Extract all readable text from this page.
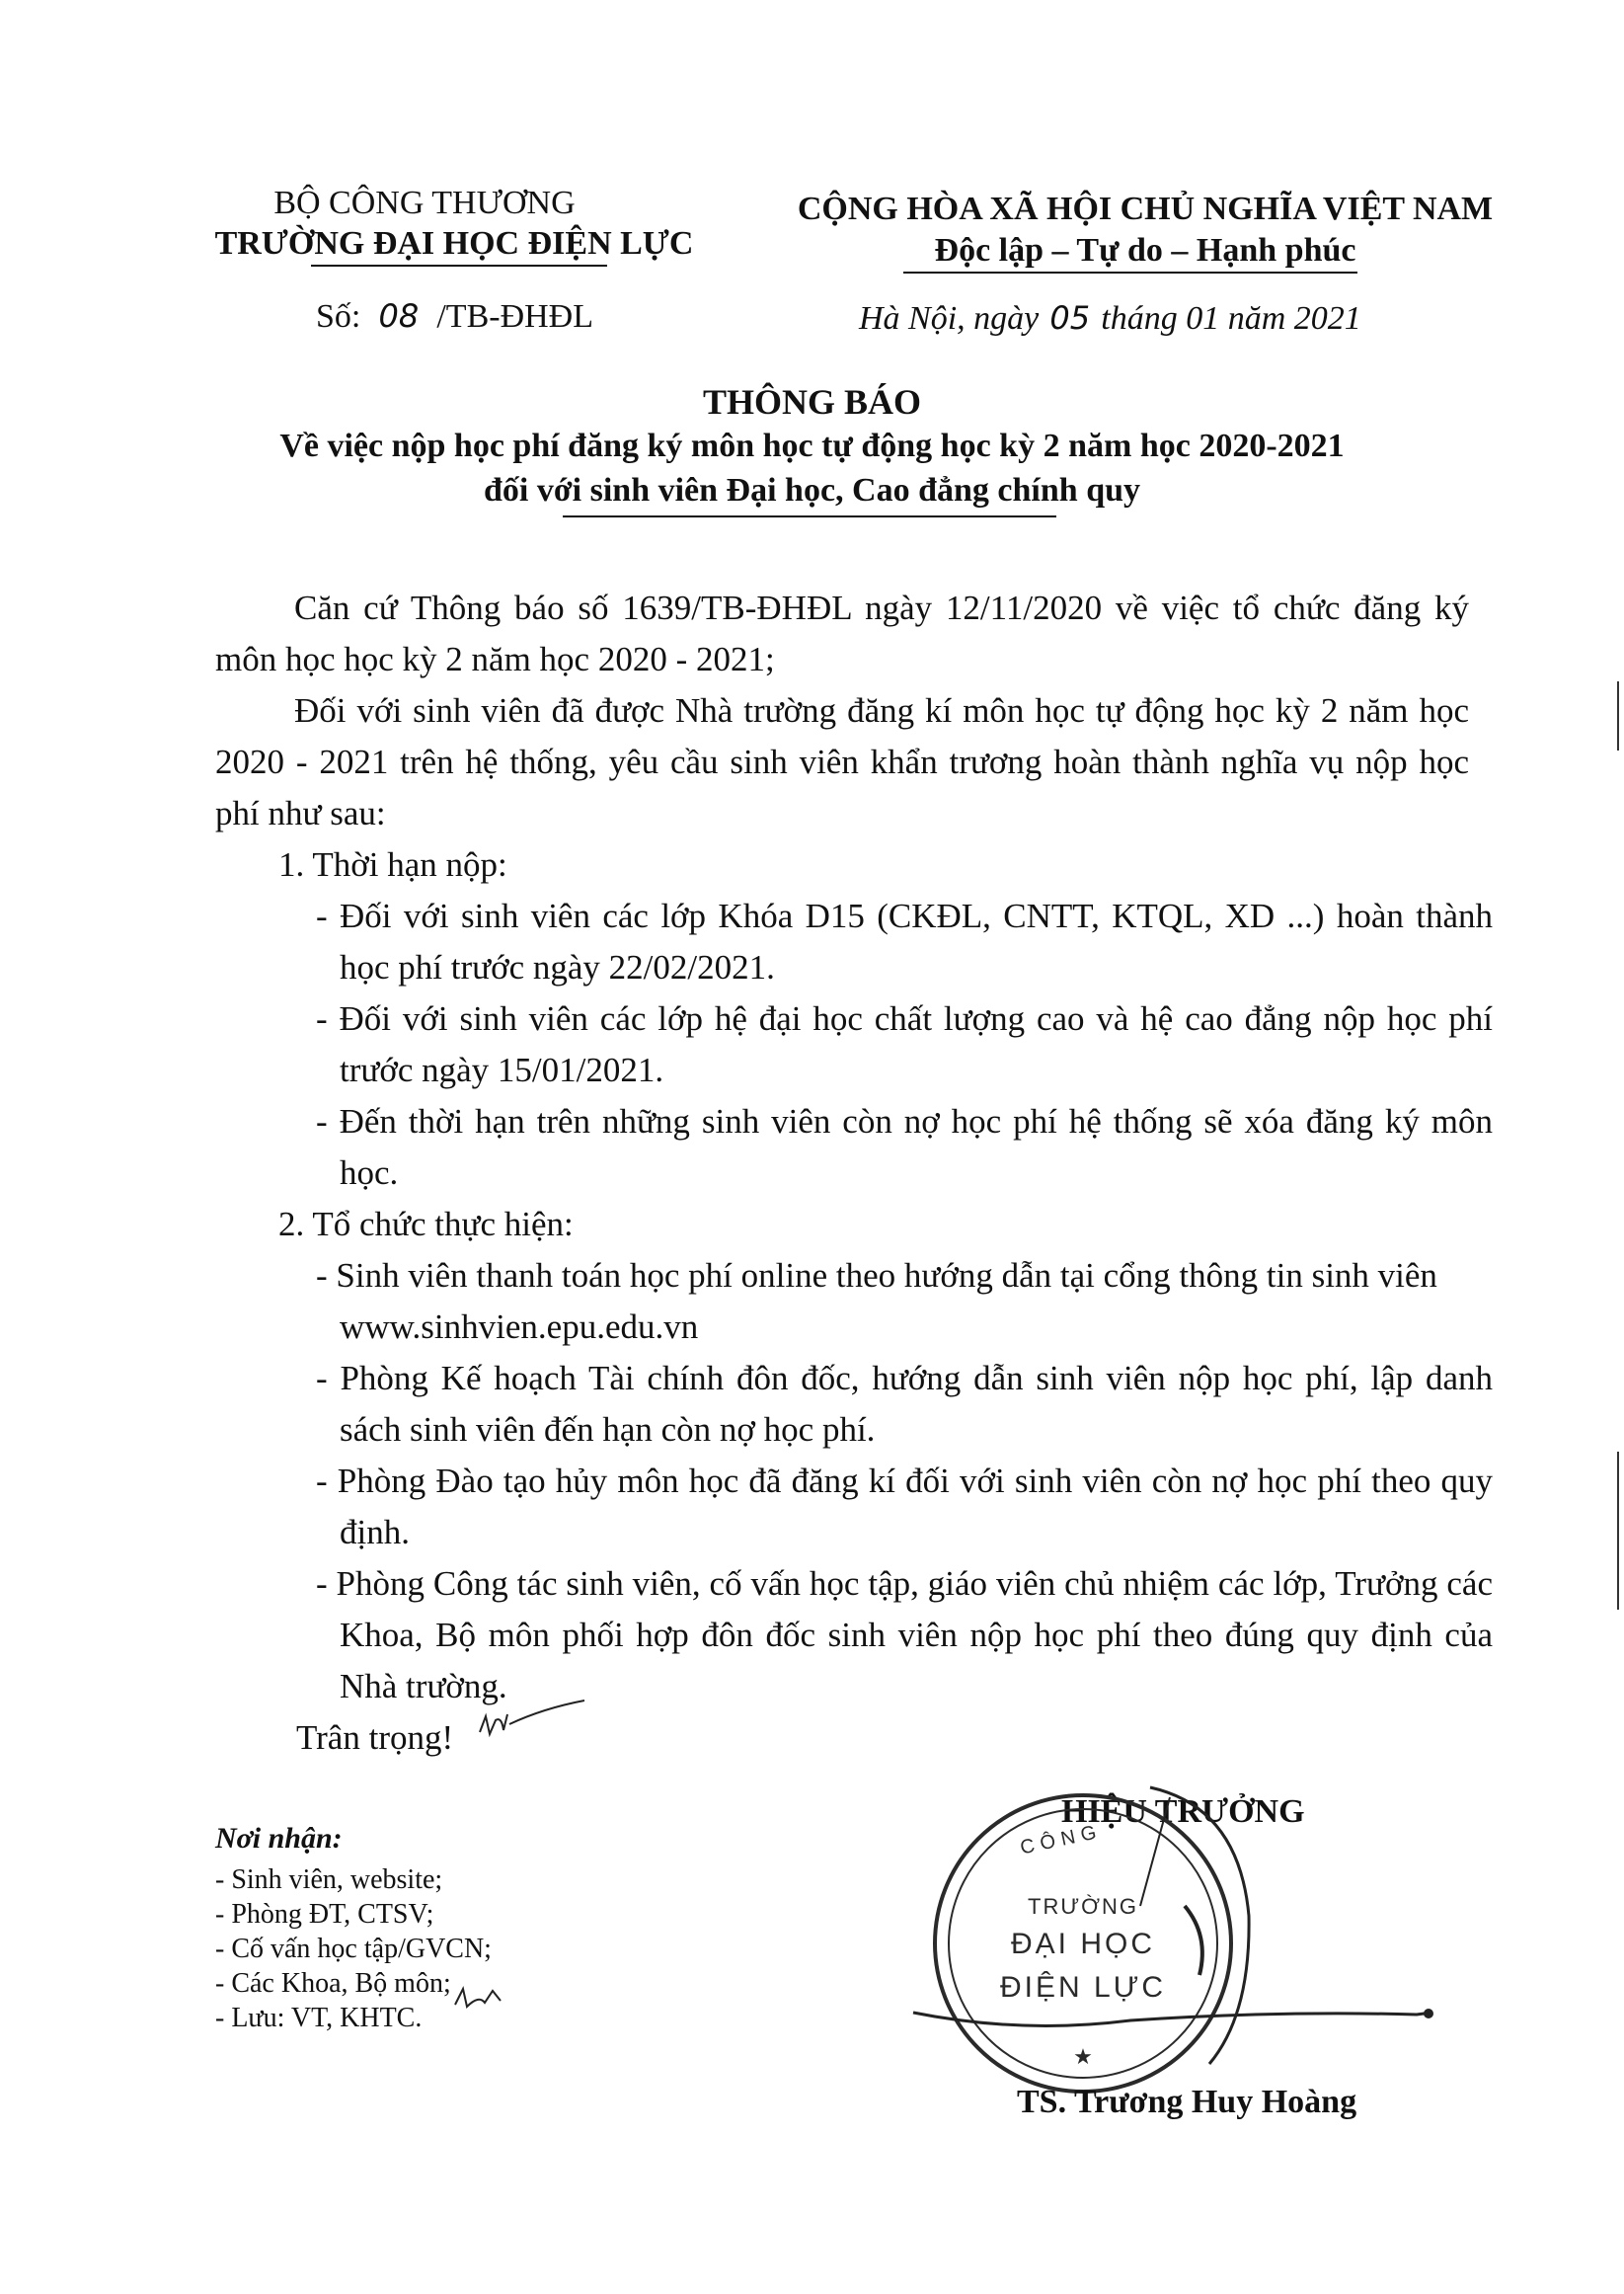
BỘ CÔNG THƯƠNG
TRƯỜNG ĐẠI HỌC ĐIỆN LỰC
Số: 08 /TB-ĐHĐL
CỘNG HÒA XÃ HỘI CHỦ NGHĨA VIỆT NAM
Độc lập – Tự do – Hạnh phúc
Hà Nội, ngày 05 tháng 01 năm 2021
THÔNG BÁO
Về việc nộp học phí đăng ký môn học tự động học kỳ 2 năm học 2020-2021
đối với sinh viên Đại học, Cao đẳng chính quy
Căn cứ Thông báo số 1639/TB-ĐHĐL ngày 12/11/2020 về việc tổ chức đăng ký môn học học kỳ 2 năm học 2020 - 2021;
Đối với sinh viên đã được Nhà trường đăng kí môn học tự động học kỳ 2 năm học 2020 - 2021 trên hệ thống, yêu cầu sinh viên khẩn trương hoàn thành nghĩa vụ nộp học phí như sau:
1. Thời hạn nộp:
- Đối với sinh viên các lớp Khóa D15 (CKĐL, CNTT, KTQL, XD ...) hoàn thành học phí trước ngày 22/02/2021.
- Đối với sinh viên các lớp hệ đại học chất lượng cao và hệ cao đẳng nộp học phí trước ngày 15/01/2021.
- Đến thời hạn trên những sinh viên còn nợ học phí hệ thống sẽ xóa đăng ký môn học.
2. Tổ chức thực hiện:
- Sinh viên thanh toán học phí online theo hướng dẫn tại cổng thông tin sinh viên www.sinhvien.epu.edu.vn
- Phòng Kế hoạch Tài chính đôn đốc, hướng dẫn sinh viên nộp học phí, lập danh sách sinh viên đến hạn còn nợ học phí.
- Phòng Đào tạo hủy môn học đã đăng kí đối với sinh viên còn nợ học phí theo quy định.
- Phòng Công tác sinh viên, cố vấn học tập, giáo viên chủ nhiệm các lớp, Trưởng các Khoa, Bộ môn phối hợp đôn đốc sinh viên nộp học phí theo đúng quy định của Nhà trường.
Trân trọng!
Nơi nhận:
- Sinh viên, website;
- Phòng ĐT, CTSV;
- Cố vấn học tập/GVCN;
- Các Khoa, Bộ môn;
- Lưu: VT, KHTC.
HIỆU TRƯỞNG
★
CÔNG
TRƯỜNG
ĐẠI HỌC
ĐIỆN LỰC
TS. Trương Huy Hoàng
